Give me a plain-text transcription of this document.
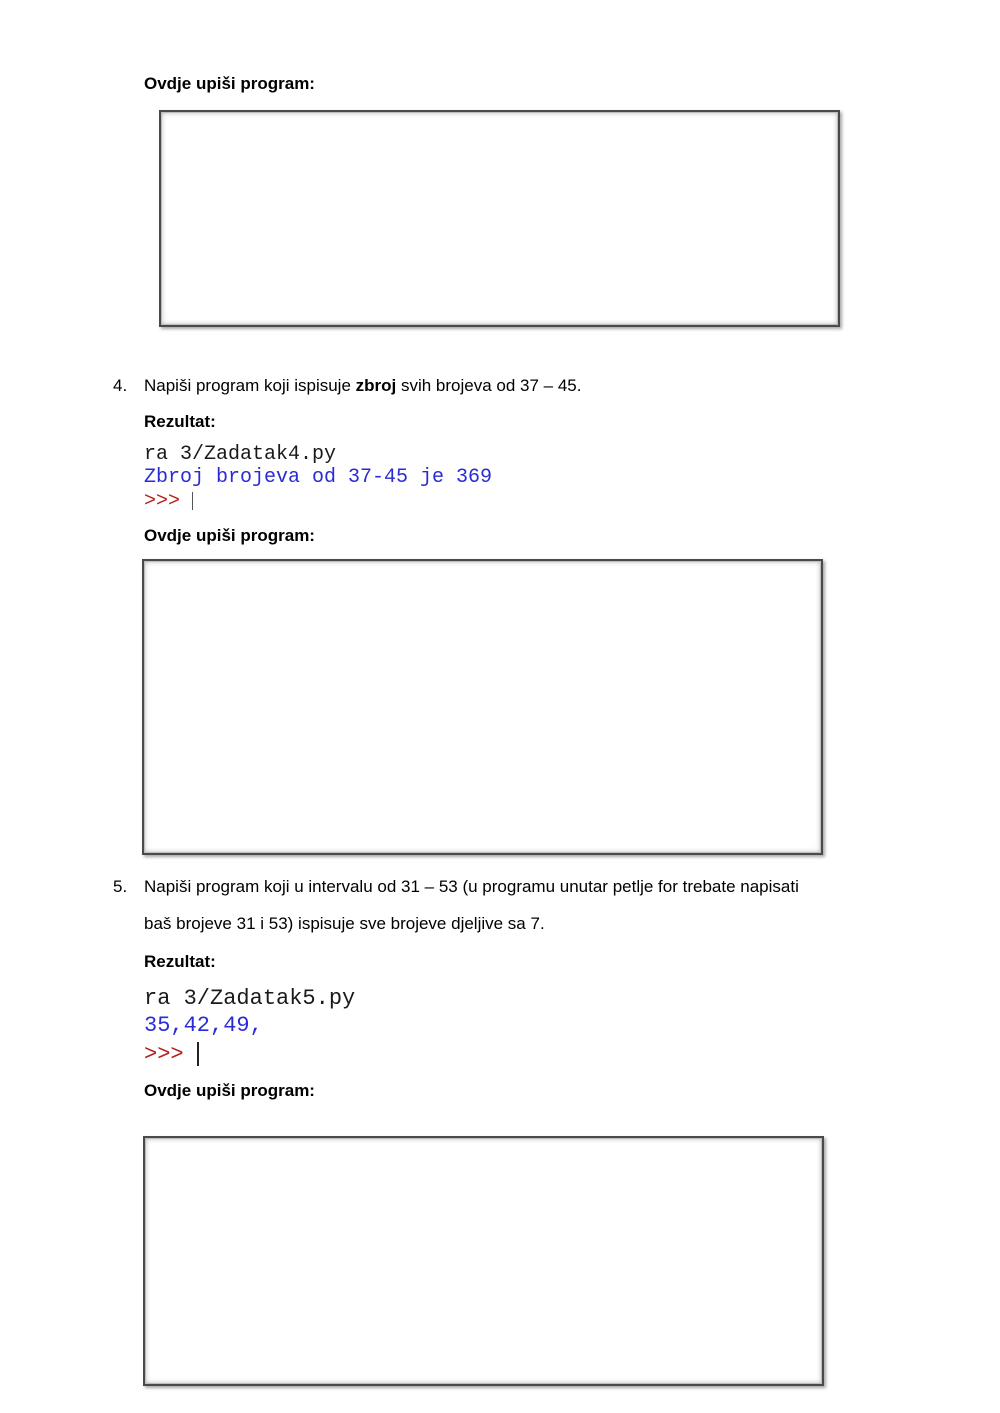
Ovdje upiši program:
4. Napiši program koji ispisuje zbroj svih brojeva od 37 – 45.
Rezultat:
ra 3/Zadatak4.py
Zbroj brojeva od 37-45 je 369
>>>
Ovdje upiši program:
5. Napiši program koji u intervalu od 31 – 53 (u programu unutar petlje for trebate napisati
baš brojeve 31 i 53) ispisuje sve brojeve djeljive sa 7.
Rezultat:
ra 3/Zadatak5.py
35,42,49,
>>>
Ovdje upiši program:
